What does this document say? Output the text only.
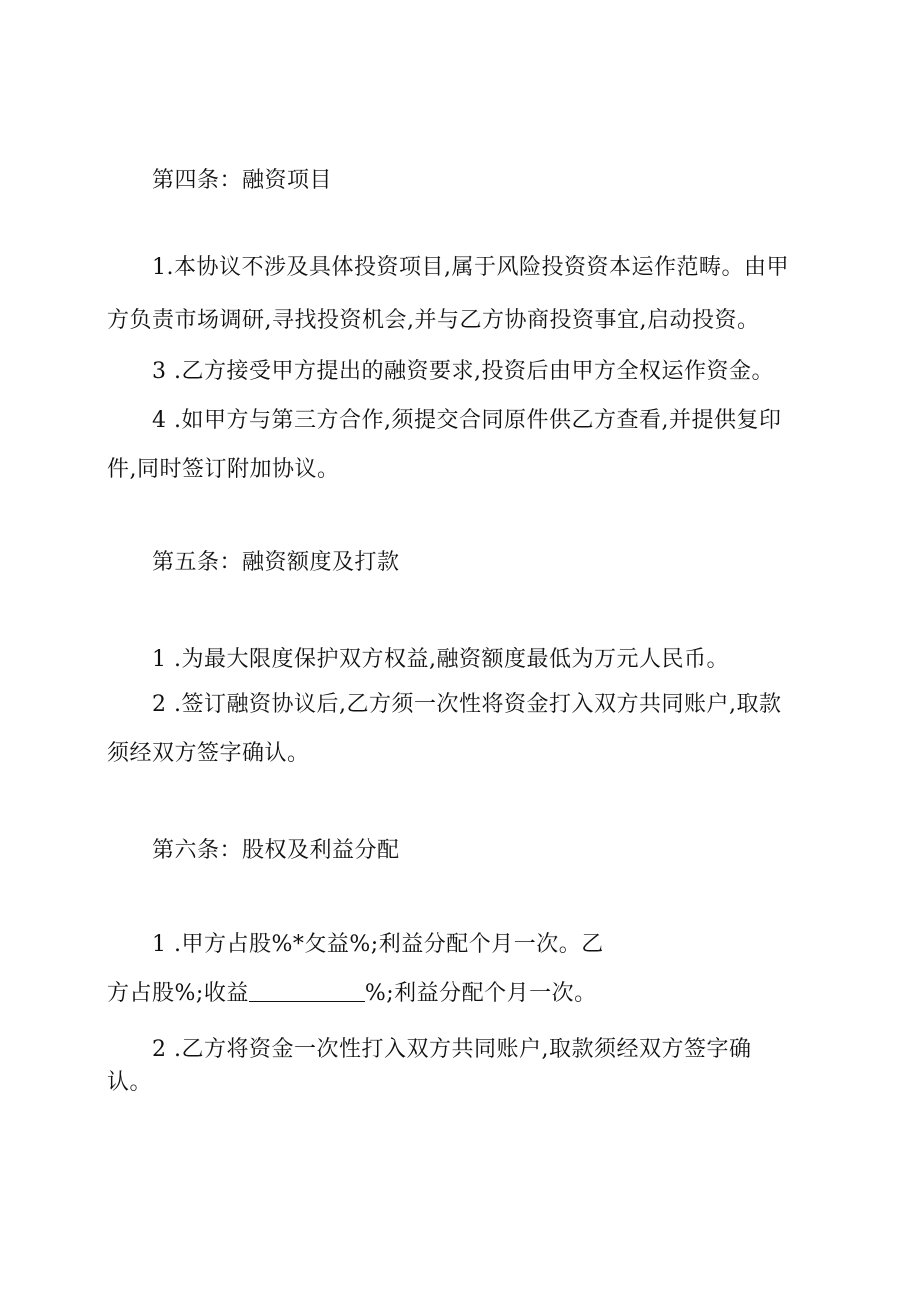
第四条：融资项目
1.本协议不涉及具体投资项目,属于风险投资资本运作范畴。由甲
方负责市场调研,寻找投资机会,并与乙方协商投资事宜,启动投资。
3 .乙方接受甲方提出的融资要求,投资后由甲方全权运作资金。
4 .如甲方与第三方合作,须提交合同原件供乙方查看,并提供复印
件,同时签订附加协议。
第五条：融资额度及打款
1 .为最大限度保护双方权益,融资额度最低为万元人民币。
2 .签订融资协议后,乙方须一次性将资金打入双方共同账户,取款
须经双方签字确认。
第六条：股权及利益分配
1 .甲方占股%*攵益%;利益分配个月一次。乙
方占股%;收益	%;利益分配个月一次。
2 .乙方将资金一次性打入双方共同账户,取款须经双方签字确
认。
